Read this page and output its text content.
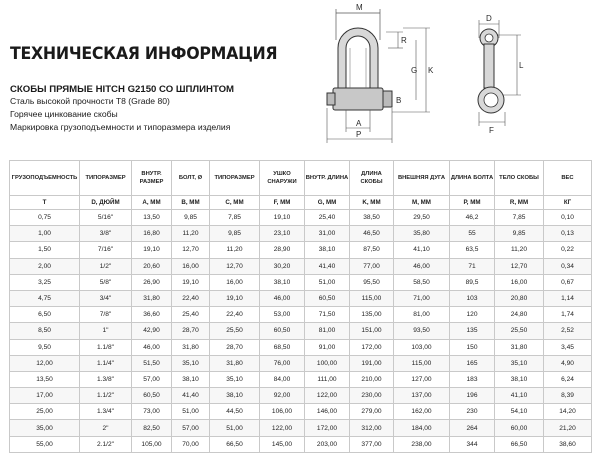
ТЕХНИЧЕСКАЯ ИНФОРМАЦИЯ
СКОБЫ ПРЯМЫЕ HITCH G2150 СО ШПЛИНТОМ
Сталь высокой прочности Т8 (Grade 80)
Горячее цинкование скобы
Маркировка грузоподъемности и типоразмера изделия
M
R
G K
B
A
P
D
L
F
ГРУЗОПОДЪЕМНОСТЬ	ТИПОРАЗМЕР	ВНУТР. РАЗМЕР	БОЛТ, Ø	ТИПОРАЗМЕР	УШКО СНАРУЖИ	ВНУТР. ДЛИНА	ДЛИНА СКОБЫ	ВНЕШНЯЯ ДУГА	ДЛИНА БОЛТА	ТЕЛО СКОБЫ	ВЕС
Т	D, ДЮЙМ	A, MM	B, MM	C, MM	F, MM	G, MM	K, MM	M, MM	P, MM	R, MM	КГ
0,75	5/16"	13,50	9,85	7,85	19,10	25,40	38,50	29,50	46,2	7,85	0,10
1,00	3/8"	16,80	11,20	9,85	23,10	31,00	46,50	35,80	55	9,85	0,13
1,50	7/16"	19,10	12,70	11,20	28,90	38,10	87,50	41,10	63,5	11,20	0,22
2,00	1/2"	20,60	16,00	12,70	30,20	41,40	77,00	46,00	71	12,70	0,34
3,25	5/8"	26,90	19,10	16,00	38,10	51,00	95,50	58,50	89,5	16,00	0,67
4,75	3/4"	31,80	22,40	19,10	46,00	60,50	115,00	71,00	103	20,80	1,14
6,50	7/8"	36,60	25,40	22,40	53,00	71,50	135,00	81,00	120	24,80	1,74
8,50	1"	42,90	28,70	25,50	60,50	81,00	151,00	93,50	135	25,50	2,52
9,50	1.1/8"	46,00	31,80	28,70	68,50	91,00	172,00	103,00	150	31,80	3,45
12,00	1.1/4"	51,50	35,10	31,80	76,00	100,00	191,00	115,00	165	35,10	4,90
13,50	1.3/8"	57,00	38,10	35,10	84,00	111,00	210,00	127,00	183	38,10	6,24
17,00	1.1/2"	60,50	41,40	38,10	92,00	122,00	230,00	137,00	196	41,10	8,39
25,00	1.3/4"	73,00	51,00	44,50	106,00	146,00	279,00	162,00	230	54,10	14,20
35,00	2"	82,50	57,00	51,00	122,00	172,00	312,00	184,00	264	60,00	21,20
55,00	2.1/2"	105,00	70,00	66,50	145,00	203,00	377,00	238,00	344	66,50	38,60
